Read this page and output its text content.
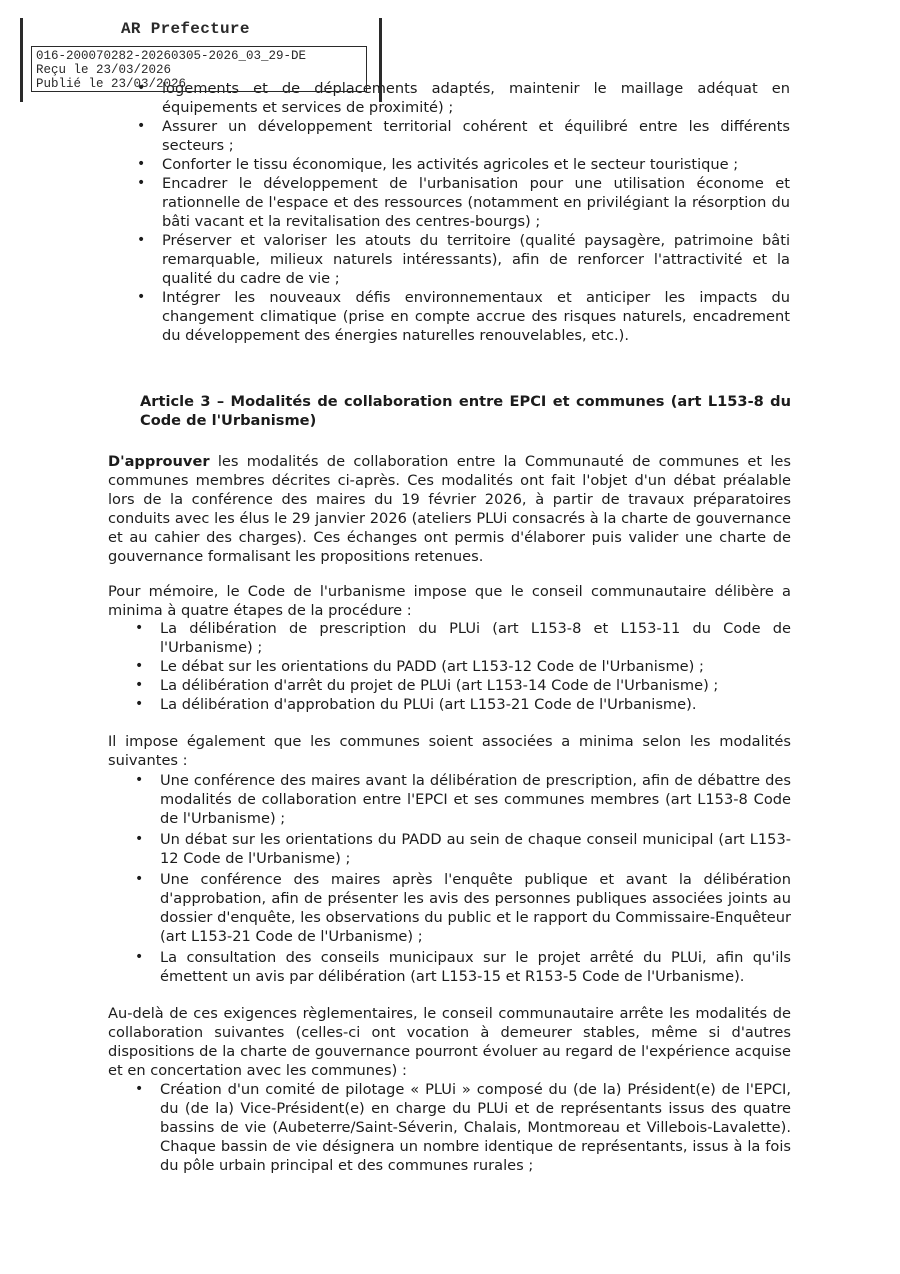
AR Prefecture
016-200070282-20260305-2026_03_29-DE
Reçu le 23/03/2026
Publié le 23/03/2026
• logements et de déplacements adaptés, maintenir le maillage adéquat en équipements et services de proximité) ;
• Assurer un développement territorial cohérent et équilibré entre les différents secteurs ;
• Conforter le tissu économique, les activités agricoles et le secteur touristique ;
• Encadrer le développement de l'urbanisation pour une utilisation économe et rationnelle de l'espace et des ressources (notamment en privilégiant la résorption du bâti vacant et la revitalisation des centres-bourgs) ;
• Préserver et valoriser les atouts du territoire (qualité paysagère, patrimoine bâti remarquable, milieux naturels intéressants), afin de renforcer l'attractivité et la qualité du cadre de vie ;
• Intégrer les nouveaux défis environnementaux et anticiper les impacts du changement climatique (prise en compte accrue des risques naturels, encadrement du développement des énergies naturelles renouvelables, etc.).
Article 3 – Modalités de collaboration entre EPCI et communes (art L153-8 du Code de l'Urbanisme)
D'approuver les modalités de collaboration entre la Communauté de communes et les communes membres décrites ci-après. Ces modalités ont fait l'objet d'un débat préalable lors de la conférence des maires du 19 février 2026, à partir de travaux préparatoires conduits avec les élus le 29 janvier 2026 (ateliers PLUi consacrés à la charte de gouvernance et au cahier des charges). Ces échanges ont permis d'élaborer puis valider une charte de gouvernance formalisant les propositions retenues.
Pour mémoire, le Code de l'urbanisme impose que le conseil communautaire délibère a minima à quatre étapes de la procédure :
• La délibération de prescription du PLUi (art L153-8 et L153-11 du Code de l'Urbanisme) ;
• Le débat sur les orientations du PADD (art L153-12 Code de l'Urbanisme) ;
• La délibération d'arrêt du projet de PLUi (art L153-14 Code de l'Urbanisme) ;
• La délibération d'approbation du PLUi (art L153-21 Code de l'Urbanisme).
Il impose également que les communes soient associées a minima selon les modalités suivantes :
• Une conférence des maires avant la délibération de prescription, afin de débattre des modalités de collaboration entre l'EPCI et ses communes membres (art L153-8 Code de l'Urbanisme) ;
• Un débat sur les orientations du PADD au sein de chaque conseil municipal (art L153-12 Code de l'Urbanisme) ;
• Une conférence des maires après l'enquête publique et avant la délibération d'approbation, afin de présenter les avis des personnes publiques associées joints au dossier d'enquête, les observations du public et le rapport du Commissaire-Enquêteur (art L153-21 Code de l'Urbanisme) ;
• La consultation des conseils municipaux sur le projet arrêté du PLUi, afin qu'ils émettent un avis par délibération (art L153-15 et R153-5 Code de l'Urbanisme).
Au-delà de ces exigences règlementaires, le conseil communautaire arrête les modalités de collaboration suivantes (celles-ci ont vocation à demeurer stables, même si d'autres dispositions de la charte de gouvernance pourront évoluer au regard de l'expérience acquise et en concertation avec les communes) :
• Création d'un comité de pilotage « PLUi » composé du (de la) Président(e) de l'EPCI, du (de la) Vice-Président(e) en charge du PLUi et de représentants issus des quatre bassins de vie (Aubeterre/Saint-Séverin, Chalais, Montmoreau et Villebois-Lavalette). Chaque bassin de vie désignera un nombre identique de représentants, issus à la fois du pôle urbain principal et des communes rurales ;
